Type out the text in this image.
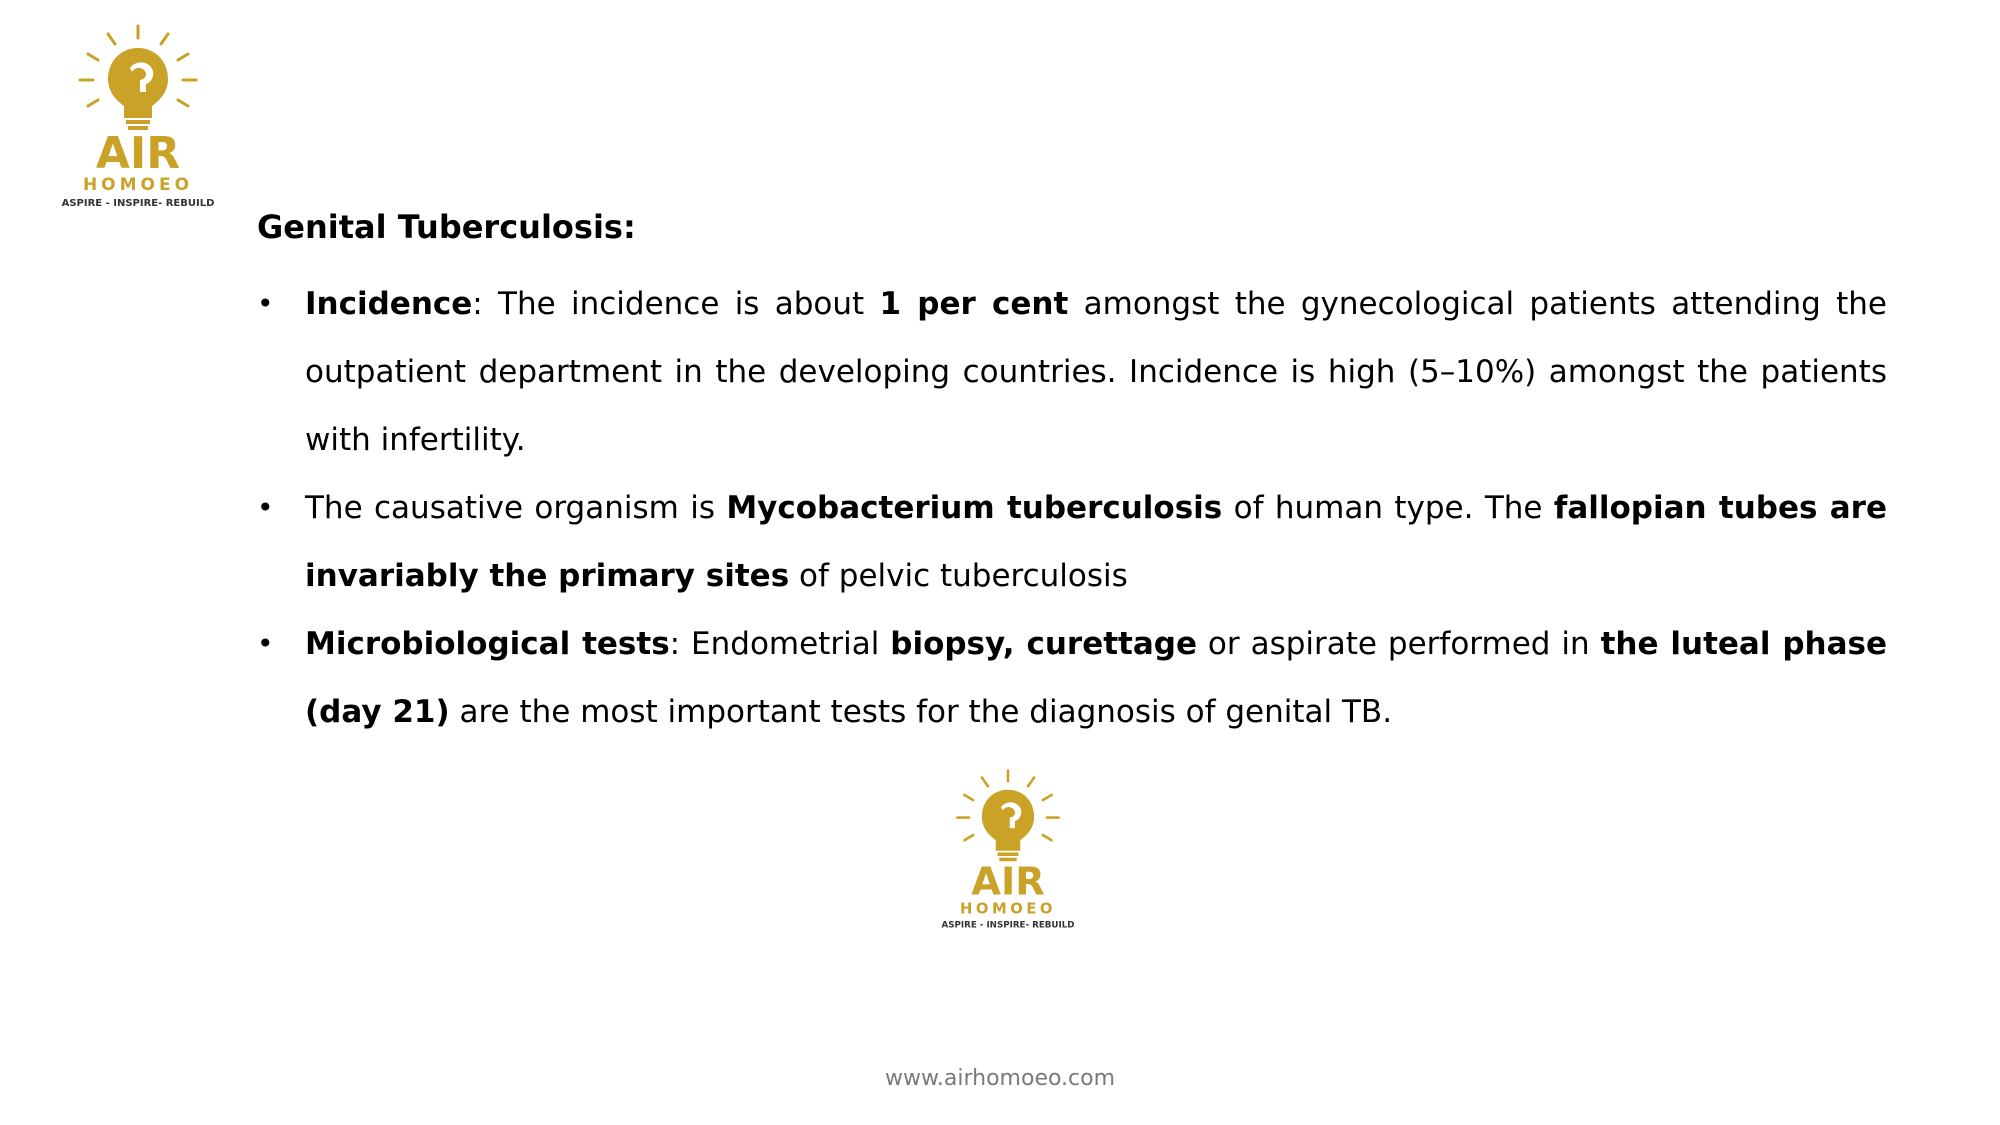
AIR
HOMOEO
ASPIRE - INSPIRE- REBUILD
Genital Tuberculosis:
• Incidence: The incidence is about 1 per cent amongst the gynecological patients attending the outpatient department in the developing countries. Incidence is high (5–10%) amongst the patients with infertility.
• The causative organism is Mycobacterium tuberculosis of human type. The fallopian tubes are invariably the primary sites of pelvic tuberculosis
• Microbiological tests: Endometrial biopsy, curettage or aspirate performed in the luteal phase (day 21) are the most important tests for the diagnosis of genital TB.
AIR
HOMOEO
ASPIRE - INSPIRE- REBUILD
www.airhomoeo.com
